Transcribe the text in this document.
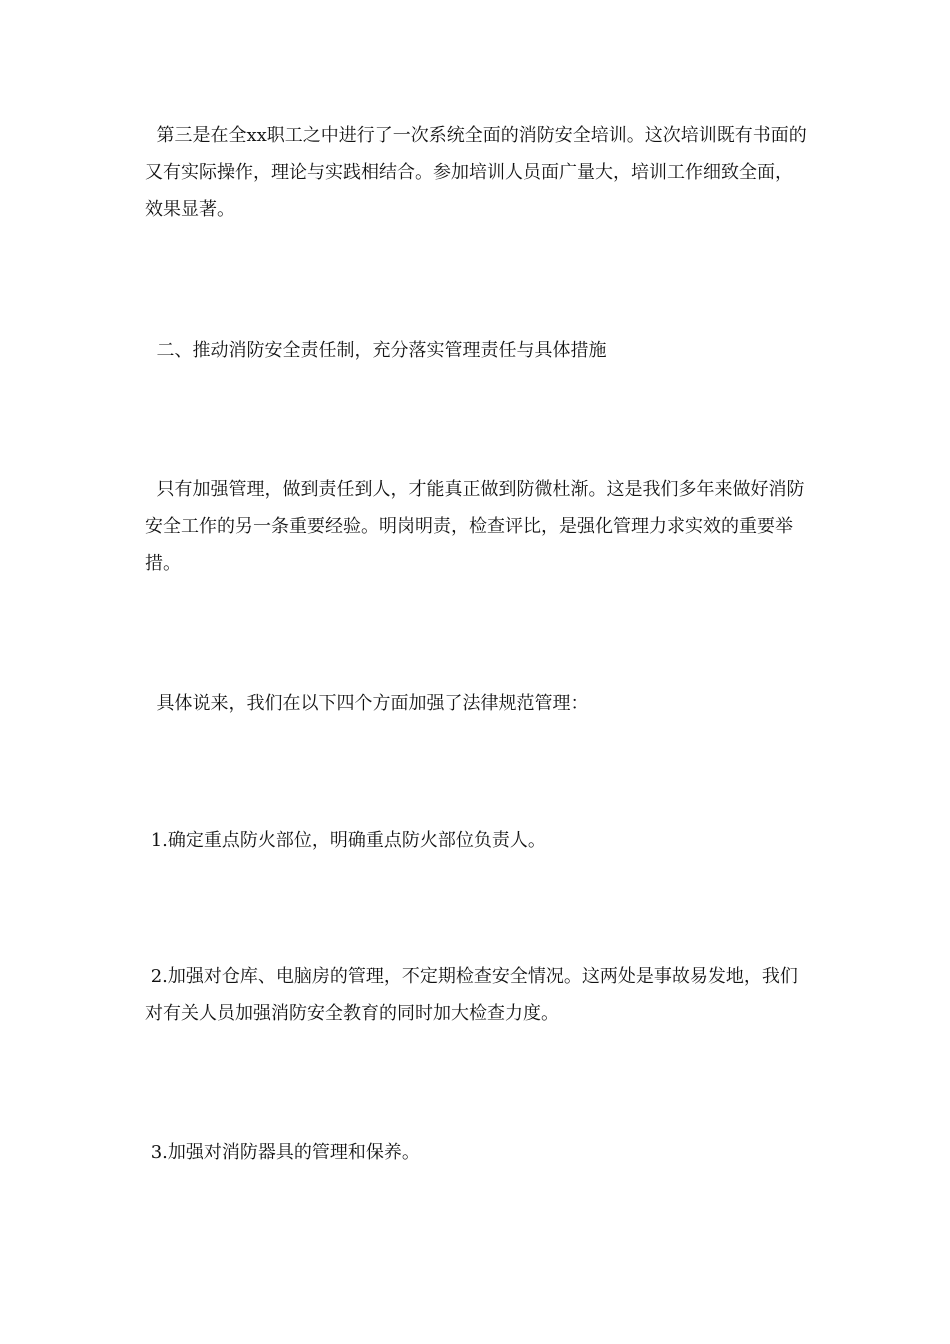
第三是在全xx职工之中进行了一次系统全面的消防安全培训。这次培训既有书面的又有实际操作，理论与实践相结合。参加培训人员面广量大，培训工作细致全面，效果显著。

二、推动消防安全责任制，充分落实管理责任与具体措施

只有加强管理，做到责任到人，才能真正做到防微杜渐。这是我们多年来做好消防安全工作的另一条重要经验。明岗明责，检查评比，是强化管理力求实效的重要举措。

具体说来，我们在以下四个方面加强了法律规范管理：

1.确定重点防火部位，明确重点防火部位负责人。

2.加强对仓库、电脑房的管理，不定期检查安全情况。这两处是事故易发地，我们对有关人员加强消防安全教育的同时加大检查力度。

3.加强对消防器具的管理和保养。
